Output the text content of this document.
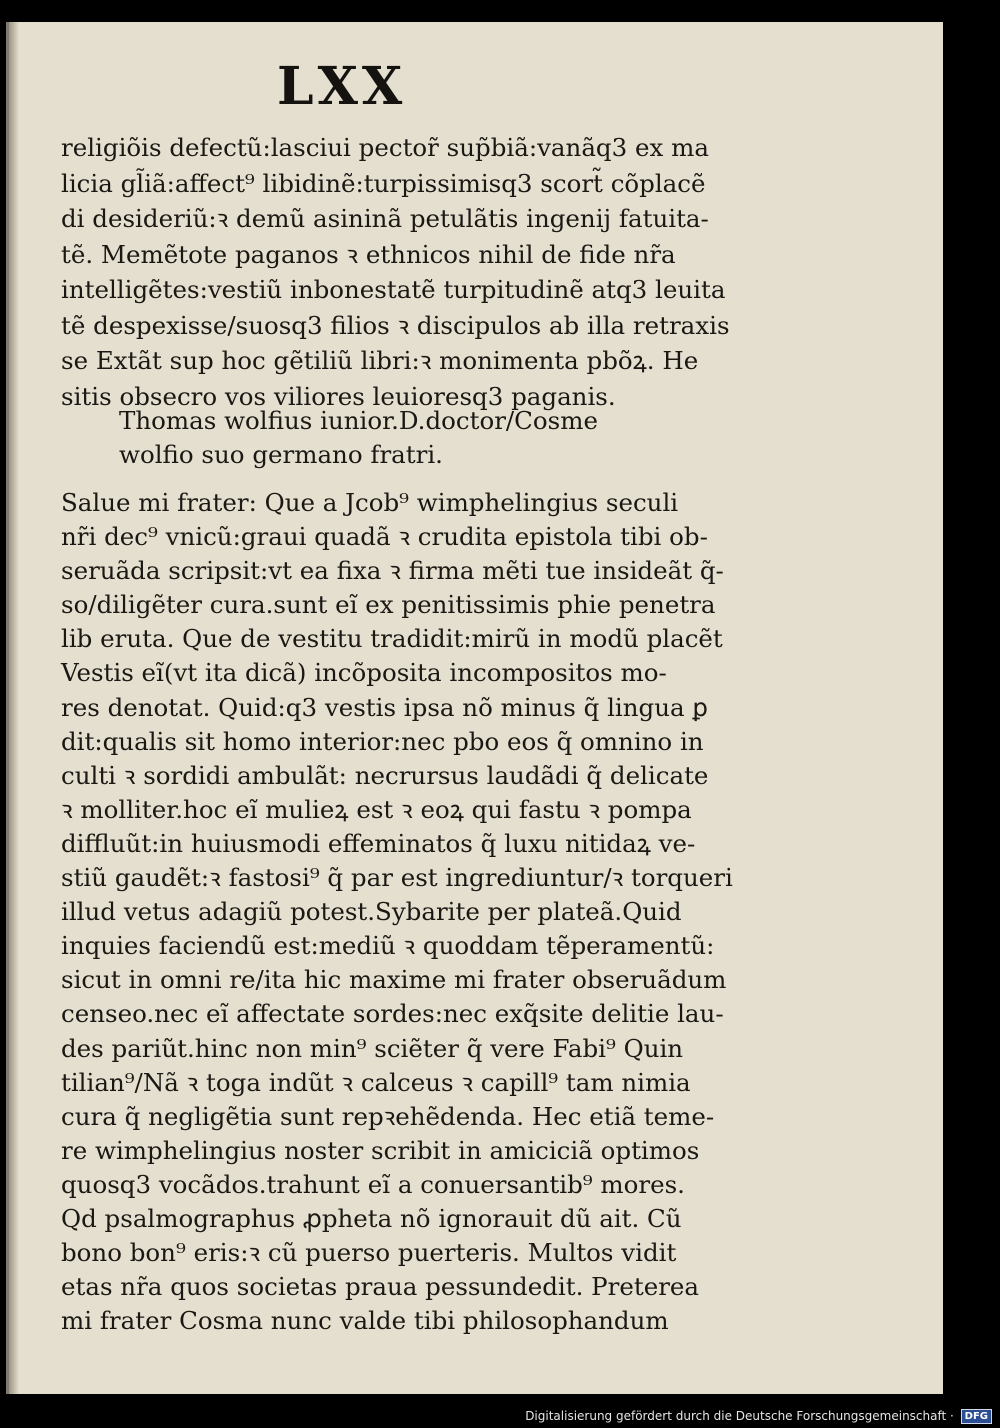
LXX
religiõis defectũ:lasciui pector̃ sup̃biã:vanãq3 ex ma
licia gl̃iã:affect⁹ libidinẽ:turpissimisq3 scort̃ cõplacẽ
di desideriũ:ꝛ demũ asininã petulãtis ingenij fatuita-
tẽ. Memẽtote paganos ꝛ ethnicos nihil de fide nr̃a
intelligẽtes:vestiũ inbonestatẽ turpitudinẽ atq3 leuita
tẽ despexisse/suosq3 filios ꝛ discipulos ab illa retraxis
se Extãt sup hoc gẽtiliũ libri:ꝛ monimenta pbõꝝ. He
sitis obsecro vos viliores leuioresq3 paganis.
Thomas wolfius iunior.D.doctor/Cosme
wolfio suo germano fratri.
Salue mi frater: Que a Jcob⁹ wimphelingius seculi
nr̃i dec⁹ vnicũ:graui quadã ꝛ crudita epistola tibi ob-
seruãda scripsit:vt ea fixa ꝛ firma mẽti tue insideãt q̃-
so/diligẽter cura.sunt eĩ ex penitissimis phie penetra
lib eruta. Que de vestitu tradidit:mirũ in modũ placẽt
Vestis eĩ(vt ita dicã) incõposita incompositos mo-
res denotat. Quid:q3 vestis ipsa nõ minus q̃ lingua ꝑ
dit:qualis sit homo interior:nec pbo eos q̃ omnino in
culti ꝛ sordidi ambulãt: necrursus laudãdi q̃ delicate
ꝛ molliter.hoc eĩ mulieꝝ est ꝛ eoꝝ qui fastu ꝛ pompa
diffluũt:in huiusmodi effeminatos q̃ luxu nitidaꝝ ve-
stiũ gaudẽt:ꝛ fastosi⁹ q̃ par est ingrediuntur/ꝛ torqueri
illud vetus adagiũ potest.Sybarite per plateã.Quid
inquies faciendũ est:mediũ ꝛ quoddam tẽperamentũ:
sicut in omni re/ita hic maxime mi frater obseruãdum
censeo.nec eĩ affectate sordes:nec exq̃site delitie lau-
des pariũt.hinc non min⁹ sciẽter q̃ vere Fabi⁹ Quin
tilian⁹/Nã ꝛ toga indũt ꝛ calceus ꝛ capill⁹ tam nimia
cura q̃ negligẽtia sunt repꝛehẽdenda. Hec etiã teme-
re wimphelingius noster scribit in amiciciã optimos
quosq3 vocãdos.trahunt eĩ a conuersantib⁹ mores.
Qd psalmographus ꝓpheta nõ ignorauit dũ ait. Cũ
bono bon⁹ eris:ꝛ cũ puerso puerteris. Multos vidit
etas nr̃a quos societas praua pessundedit. Preterea
mi frater Cosma nunc valde tibi philosophandum
Digitalisierung gefördert durch die Deutsche Forschungsgemeinschaft · DFG
